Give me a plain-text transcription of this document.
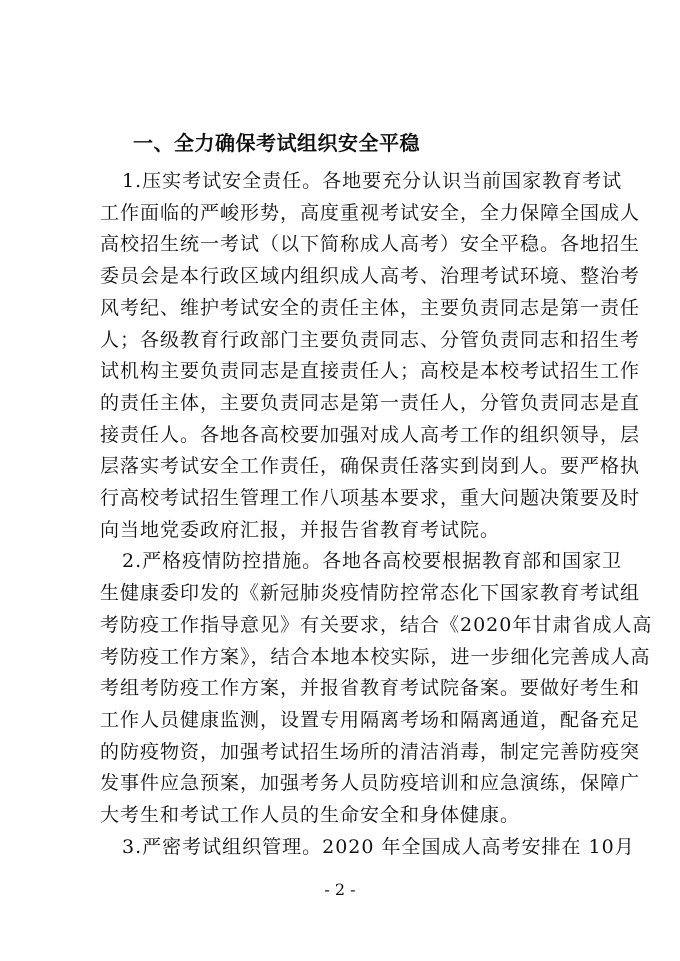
一、全力确保考试组织安全平稳
1.压实考试安全责任。各地要充分认识当前国家教育考试
工作面临的严峻形势，高度重视考试安全，全力保障全国成人
高校招生统一考试（以下简称成人高考）安全平稳。各地招生
委员会是本行政区域内组织成人高考、治理考试环境、整治考
风考纪、维护考试安全的责任主体，主要负责同志是第一责任
人；各级教育行政部门主要负责同志、分管负责同志和招生考
试机构主要负责同志是直接责任人；高校是本校考试招生工作
的责任主体，主要负责同志是第一责任人，分管负责同志是直
接责任人。各地各高校要加强对成人高考工作的组织领导，层
层落实考试安全工作责任，确保责任落实到岗到人。要严格执
行高校考试招生管理工作八项基本要求，重大问题决策要及时
向当地党委政府汇报，并报告省教育考试院。
2.严格疫情防控措施。各地各高校要根据教育部和国家卫
生健康委印发的《新冠肺炎疫情防控常态化下国家教育考试组
考防疫工作指导意见》有关要求，结合《2020年甘肃省成人高
考防疫工作方案》，结合本地本校实际，进一步细化完善成人高
考组考防疫工作方案，并报省教育考试院备案。要做好考生和
工作人员健康监测，设置专用隔离考场和隔离通道，配备充足
的防疫物资，加强考试招生场所的清洁消毒，制定完善防疫突
发事件应急预案，加强考务人员防疫培训和应急演练，保障广
大考生和考试工作人员的生命安全和身体健康。
3.严密考试组织管理。2020 年全国成人高考安排在 10月
- 2 -
